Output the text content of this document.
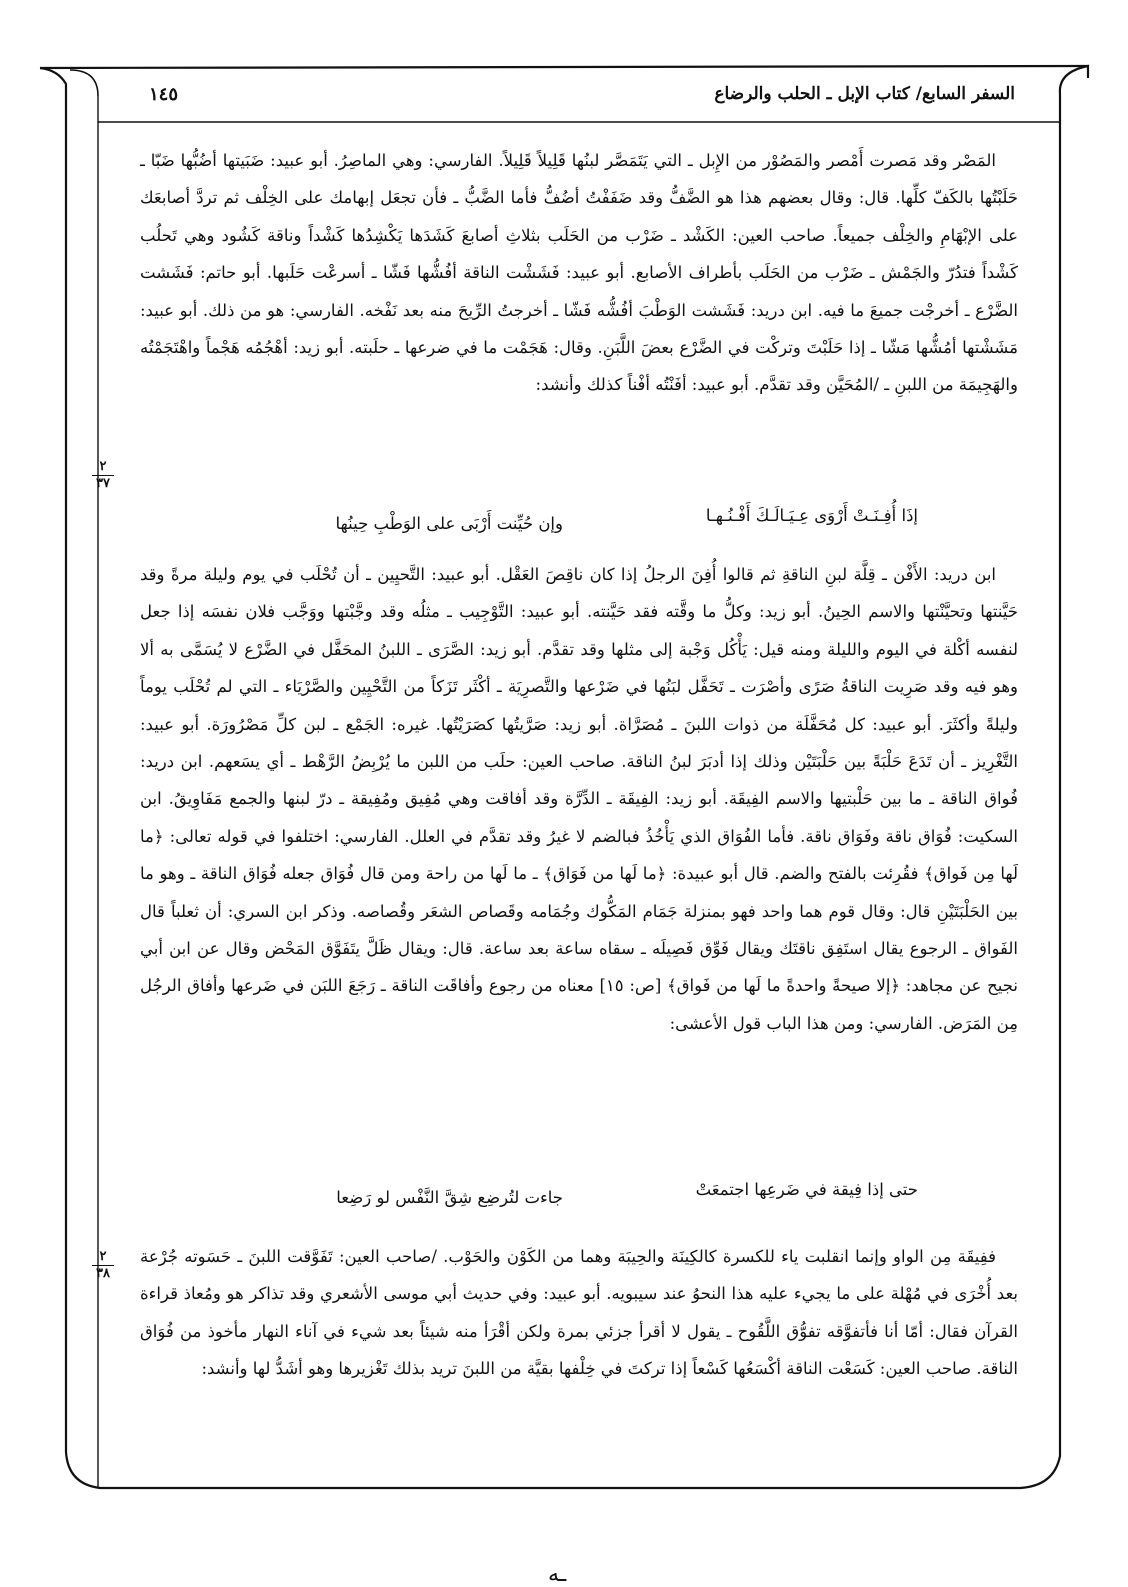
السفر السابع/ كتاب الإبل ـ الحلب والرضاع
١٤٥

المَصْر وقد مَصرت أَمْصر والمَصُوْر من الإِبل ـ التي يَتَمَصَّر لبنُها قَلِيلاً قَلِيلاً. الفارسي: وهي الماصِرُ. أبو عبيد: ضَبَيتها أضُبُّها ضَبّا ـ حَلَبْتُها بالكَفّ كلِّها. قال: وقال بعضهم هذا هو الضَّفُّ وقد ضَفَفْتُ أضُفُّ فأما الضَّبُّ ـ فأن تجعَل إبهامك على الخِلْف ثم تردَّ أصابعَك على الإبْهَامِ والخِلْف جميعاً. صاحب العين: الكَشْد ـ ضَرْب من الحَلَب بثلاثِ أصابعَ كَشَدَها يَكْشِدُها كَشْداً وناقة كَشُود وهي تَحلُب كَشْداً فتدُرّ والجَمْش ـ ضَرْب من الحَلَب بأطراف الأصابع. أبو عبيد: فَشَشْت الناقة أفُشُّها فَشّا ـ أسرعْت حَلَبها. أبو حاتم: فَشَشت الضَّرْع ـ أخرجْت جميعَ ما فيه. ابن دريد: فَشَشت الوَطْبَ أفُشُّه فَشّا ـ أخرجتُ الرِّيحَ منه بعد نَفْخه. الفارسي: هو من ذلك. أبو عبيد: مَشَشْتها أمُشُّها مَشّا ـ إذا حَلَبْتَ وتركْت في الضَّرْع بعضَ اللَّبَنِ. وقال: هَجَمْت ما في ضرعها ـ حلَبته. أبو زيد: أهْجُمُه هَجْماً واهْتَجَمْتُه والهَجِيمَة من اللبنِ ـ /المُحَيَّن وقد تقدَّم. أبو عبيد: أفَنْتُه أفْناً كذلك وأنشد:

٢
٣٧
إذَا أُفِـنَـتْ أَرْوَى عِـيَـالَـكَ أَفْـنُـهـا
وإن حُيِّنت أَرْبَى على الوَطْبِ حِينُها

ابن دريد: الأَفْن ـ قِلَّة لبنِ الناقةِ ثم قالوا أُفِنَ الرجلُ إذا كان ناقِصَ العَقْل. أبو عبيد: التَّحيِين ـ أن تُحْلَب في يوم وليلة مرةً وقد حَيَّنتها وتحيَّنْتها والاسم الحِينُ. أبو زيد: وكلُّ ما وقَّته فقد حَيَّنته. أبو عبيد: التَّوْجِيب ـ مثلُه وقد وجَّبْتها ووَجَّب فلان نفسَه إذا جعل لنفسه أكْلة في اليوم والليلة ومنه قيل: يَأْكُل وَجْبة إلى مثلها وقد تقدَّم. أبو زيد: الصَّرَى ـ اللبنُ المحَفَّل في الضَّرْع لا يُسَمَّى به ألا وهو فيه وقد صَرِيت الناقةُ صَرًى وأصْرَت ـ تَحَفَّل لبَنُها في ضَرْعها والتَّصرِيَة ـ أكْثَر تَزَكاً من التَّحْيِين والصَّرْيَاء ـ التي لم تُحْلَب يوماً وليلةً وأكثَرَ. أبو عبيد: كل مُحَفَّلَة من ذوات اللبنَ ـ مُصَرَّاة. أبو زيد: صَرَّيتُها كصَرَيْتُها. غيره: الجَمْع ـ لبن كلِّ مَصْرُورَة. أبو عبيد: التَّغْرِيز ـ أن تَدَعَ حَلْبَةً بين حَلْبَتَيْن وذلك إذا أدبَرَ لبنُ الناقة. صاحب العين: حلَب من اللبن ما يُرْبِضُ الرَّهْط ـ أي يسَعهم. ابن دريد: فُواق الناقة ـ ما بين حَلْبتيها والاسم الفِيقَة. أبو زيد: الفِيقَة ـ الدِّرَّة وقد أفاقت وهي مُفِيق ومُفِيقة ـ درّ لبنها والجمع مَفَاوِيقُ. ابن السكيت: فُوَاق ناقة وفَوَاق ناقة. فأما الفُوَاق الذي يَأْخُذُ فبالضم لا غيرُ وقد تقدَّم في العلل. الفارسي: اختلفوا في قوله تعالى: ﴿ما لَها مِن فَواق﴾ فقُرِئت بالفتح والضم. قال أبو عبيدة: ﴿ما لَها من فَوَاق﴾ ـ ما لَها من راحة ومن قال فُوَاق جعله فُوَاق الناقة ـ وهو ما بين الحَلْبَتَيْنِ قال: وقال قوم هما واحد فهو بمنزلة جَمَام المَكُّوك وجُمَامه وقَصاص الشعَر وقُصاصه. وذكر ابن السري: أن ثعلباً قال الفَواق ـ الرجوع يقال استَفِق ناقتَك ويقال فَوِّق فَصِيلَه ـ سقاه ساعة بعد ساعة. قال: ويقال ظَلَّ يتَفَوَّق المَحْض وقال عن ابن أبي نجيح عن مجاهد: ﴿إلا صيحةً واحدةً ما لَها من فَواق﴾ [ص: ١٥] معناه من رجوع وأفاقَت الناقة ـ رَجَعَ اللبَن في ضَرعها وأفاق الرجُل مِن المَرَض. الفارسي: ومن هذا الباب قول الأعشى:

حتى إذا فِيقة في ضَرعِها اجتمعَتْ
جاءت لتُرضِع شِقَّ النَّفْس لو رَضِعا
٢
٣٨

ففِيقَة مِن الواو وإنما انقلبت ياء للكسرة كالكِينَة والحِيبَة وهما من الكَوْن والحَوْب. /صاحب العين: تَفَوَّقت اللبنَ ـ حَسَوته جُرْعة بعد أُخْرَى في مُهْلة على ما يجيء عليه هذا النحوُ عند سيبويه. أبو عبيد: وفي حديث أبي موسى الأشعري وقد تذاكر هو ومُعاذ قراءة القرآن فقال: أمّا أنا فأتفوَّقه تفوُّق اللَّقُوح ـ يقول لا أقرأ جزئي بمرة ولكن أقْرَأ منه شيئاً بعد شيء في آناء النهار مأخوذ من فُوَاق الناقة. صاحب العين: كَسَعْت الناقة أكْسَعُها كَسْعاً إذا تركتَ في خِلْفها بقيَّة من اللبنَ تريد بذلك تَغْزيرها وهو أشَدُّ لها وأنشد:

ـه
